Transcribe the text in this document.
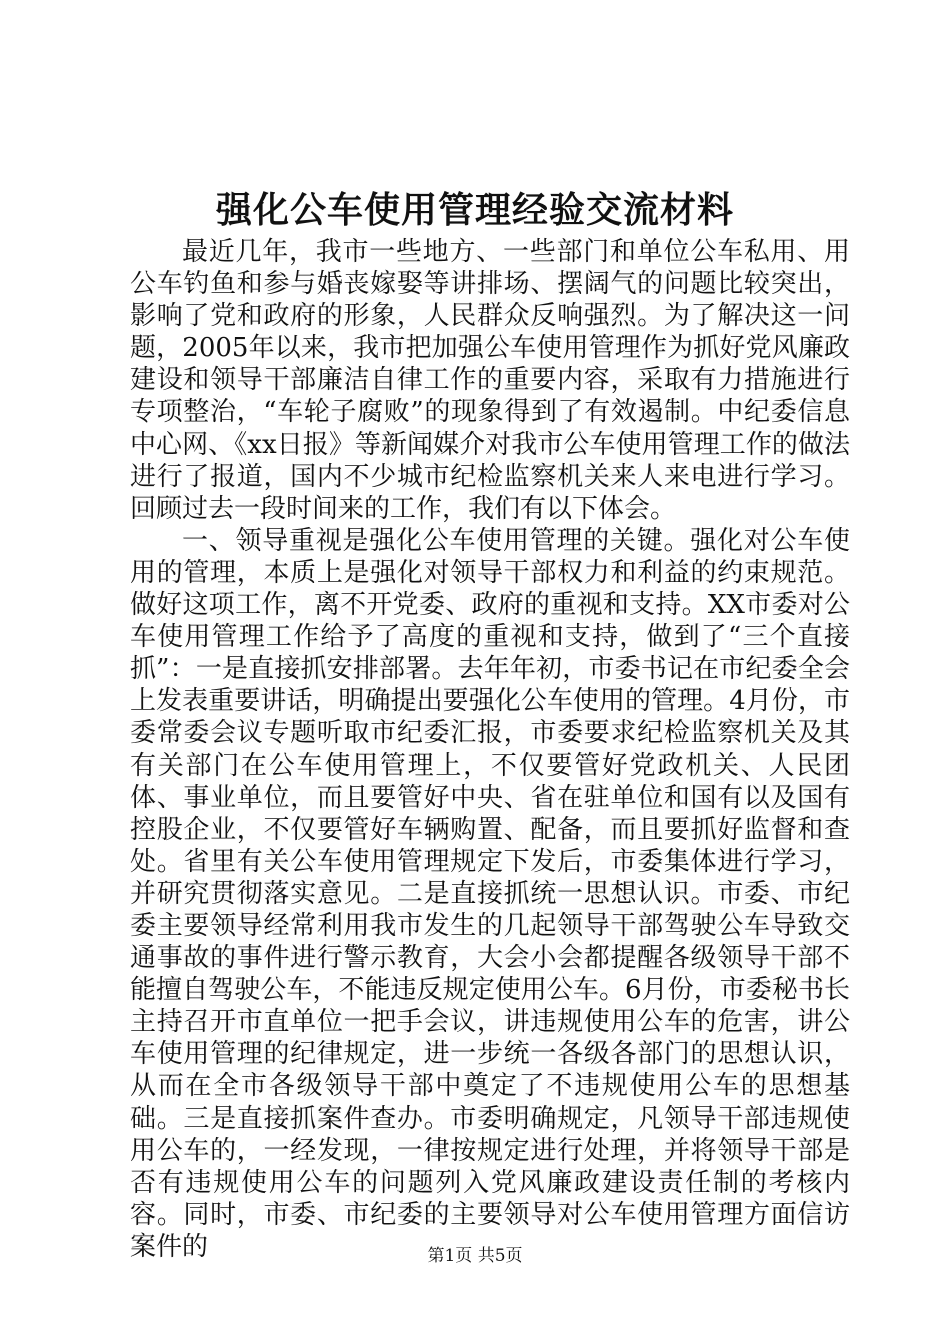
强化公车使用管理经验交流材料

最近几年，我市一些地方、一些部门和单位公车私用、用公车钓鱼和参与婚丧嫁娶等讲排场、摆阔气的问题比较突出，影响了党和政府的形象，人民群众反响强烈。为了解决这一问题，2005年以来，我市把加强公车使用管理作为抓好党风廉政建设和领导干部廉洁自律工作的重要内容，采取有力措施进行专项整治，“车轮子腐败”的现象得到了有效遏制。中纪委信息中心网、《xx日报》等新闻媒介对我市公车使用管理工作的做法进行了报道，国内不少城市纪检监察机关来人来电进行学习。回顾过去一段时间来的工作，我们有以下体会。

一、领导重视是强化公车使用管理的关键。强化对公车使用的管理，本质上是强化对领导干部权力和利益的约束规范。做好这项工作，离不开党委、政府的重视和支持。XX市委对公车使用管理工作给予了高度的重视和支持，做到了“三个直接抓”：一是直接抓安排部署。去年年初，市委书记在市纪委全会上发表重要讲话，明确提出要强化公车使用的管理。4月份，市委常委会议专题听取市纪委汇报，市委要求纪检监察机关及其有关部门在公车使用管理上，不仅要管好党政机关、人民团体、事业单位，而且要管好中央、省在驻单位和国有以及国有控股企业，不仅要管好车辆购置、配备，而且要抓好监督和查处。省里有关公车使用管理规定下发后，市委集体进行学习，并研究贯彻落实意见。二是直接抓统一思想认识。市委、市纪委主要领导经常利用我市发生的几起领导干部驾驶公车导致交通事故的事件进行警示教育，大会小会都提醒各级领导干部不能擅自驾驶公车，不能违反规定使用公车。6月份，市委秘书长主持召开市直单位一把手会议，讲违规使用公车的危害，讲公车使用管理的纪律规定，进一步统一各级各部门的思想认识，从而在全市各级领导干部中奠定了不违规使用公车的思想基础。三是直接抓案件查办。市委明确规定，凡领导干部违规使用公车的，一经发现，一律按规定进行处理，并将领导干部是否有违规使用公车的问题列入党风廉政建设责任制的考核内容。同时，市委、市纪委的主要领导对公车使用管理方面信访案件的	第1页 共5页
